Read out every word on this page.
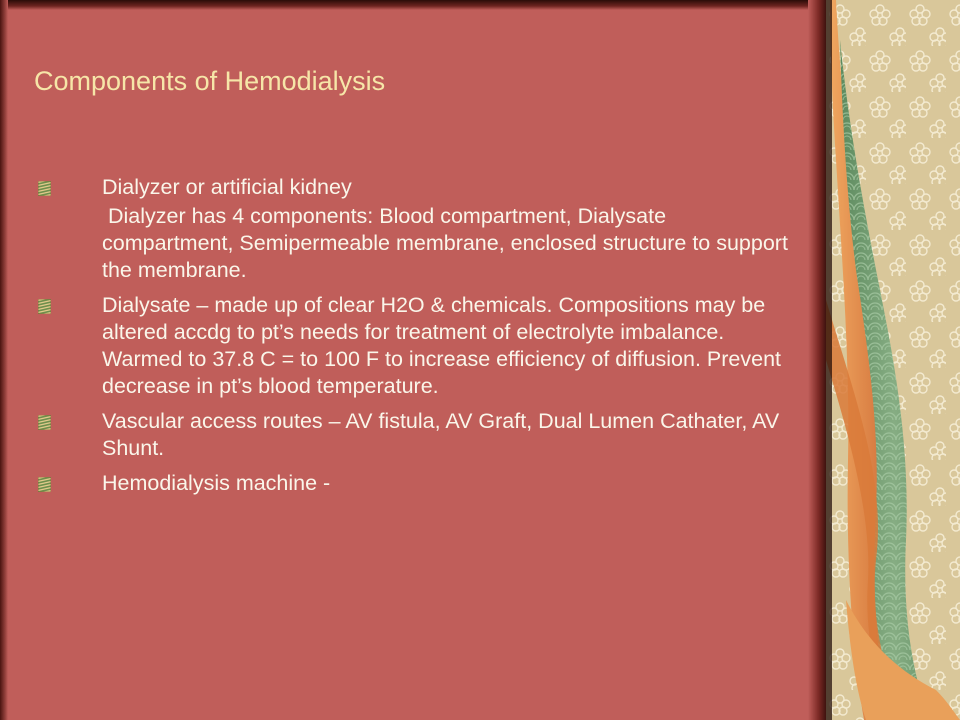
Components of Hemodialysis
Dialyzer or artificial kidney
Dialyzer has 4 components: Blood compartment, Dialysate compartment, Semipermeable membrane, enclosed structure to support the membrane.
Dialysate – made up of clear H2O & chemicals. Compositions may be altered accdg to pt’s needs for treatment of electrolyte imbalance. Warmed to 37.8 C = to 100 F to increase efficiency of diffusion. Prevent decrease in pt’s blood temperature.
Vascular access routes – AV fistula, AV Graft, Dual Lumen Cathater, AV Shunt.
Hemodialysis machine -
